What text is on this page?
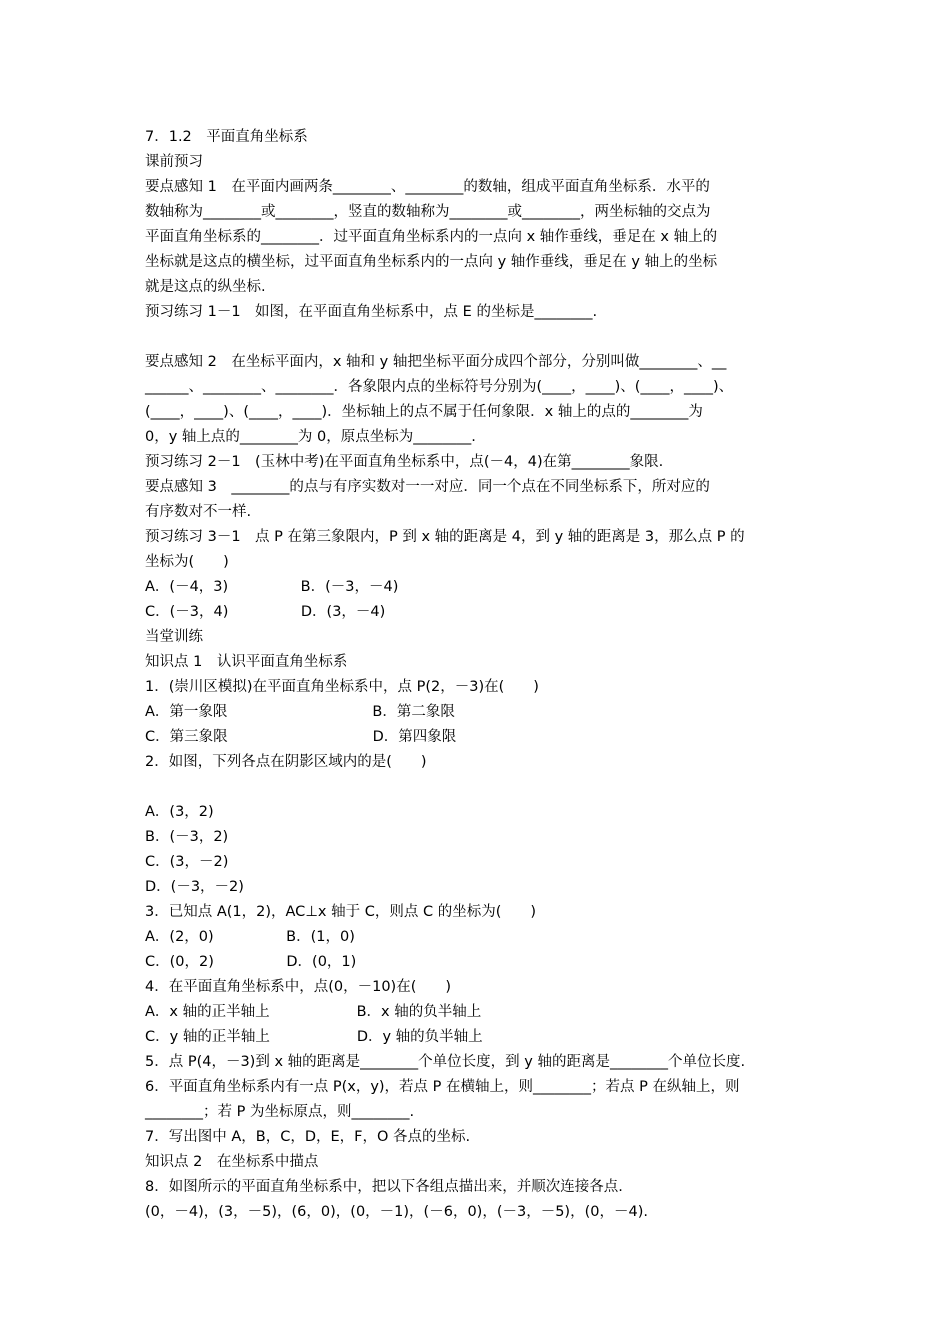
7．1.2　平面直角坐标系
课前预习
要点感知 1　在平面内画两条________、________的数轴，组成平面直角坐标系．水平的
数轴称为________或________，竖直的数轴称为________或________，两坐标轴的交点为
平面直角坐标系的________．过平面直角坐标系内的一点向 x 轴作垂线，垂足在 x 轴上的
坐标就是这点的横坐标，过平面直角坐标系内的一点向 y 轴作垂线，垂足在 y 轴上的坐标
就是这点的纵坐标.
预习练习 1－1　如图，在平面直角坐标系中，点 E 的坐标是________.
要点感知 2　在坐标平面内，x 轴和 y 轴把坐标平面分成四个部分，分别叫做________、__
______、________、________．各象限内点的坐标符号分别为(____，____)、(____，____)、
(____，____)、(____，____)．坐标轴上的点不属于任何象限．x 轴上的点的________为
0，y 轴上点的________为 0，原点坐标为________.
预习练习 2－1　(玉林中考)在平面直角坐标系中，点(－4，4)在第________象限.
要点感知 3　________的点与有序实数对一一对应．同一个点在不同坐标系下，所对应的
有序数对不一样.
预习练习 3－1　点 P 在第三象限内，P 到 x 轴的距离是 4，到 y 轴的距离是 3，那么点 P 的
坐标为(　　)
A．(－4，3)　　　　　B．(－3，－4)
C．(－3，4)　　　　　D．(3，－4)
当堂训练
知识点 1　认识平面直角坐标系
1．(崇川区模拟)在平面直角坐标系中，点 P(2，－3)在(　　)
A．第一象限　　　　　　　　　　B．第二象限
C．第三象限　　　　　　　　　　D．第四象限
2．如图，下列各点在阴影区域内的是(　　)
A．(3，2)
B．(－3，2)
C．(3，－2)
D．(－3，－2)
3．已知点 A(1，2)，AC⊥x 轴于 C，则点 C 的坐标为(　　)
A．(2，0)　　　　　B．(1，0)
C．(0，2)　　　　　D．(0，1)
4．在平面直角坐标系中，点(0，－10)在(　　)
A．x 轴的正半轴上　　　　　　B．x 轴的负半轴上
C．y 轴的正半轴上　　　　　　D．y 轴的负半轴上
5．点 P(4，－3)到 x 轴的距离是________个单位长度，到 y 轴的距离是________个单位长度.
6．平面直角坐标系内有一点 P(x，y)，若点 P 在横轴上，则________；若点 P 在纵轴上，则
________；若 P 为坐标原点，则________.
7．写出图中 A，B，C，D，E，F，O 各点的坐标.
知识点 2　在坐标系中描点
8．如图所示的平面直角坐标系中，把以下各组点描出来，并顺次连接各点.
(0，－4)，(3，－5)，(6，0)，(0，－1)，(－6，0)，(－3，－5)，(0，－4).
